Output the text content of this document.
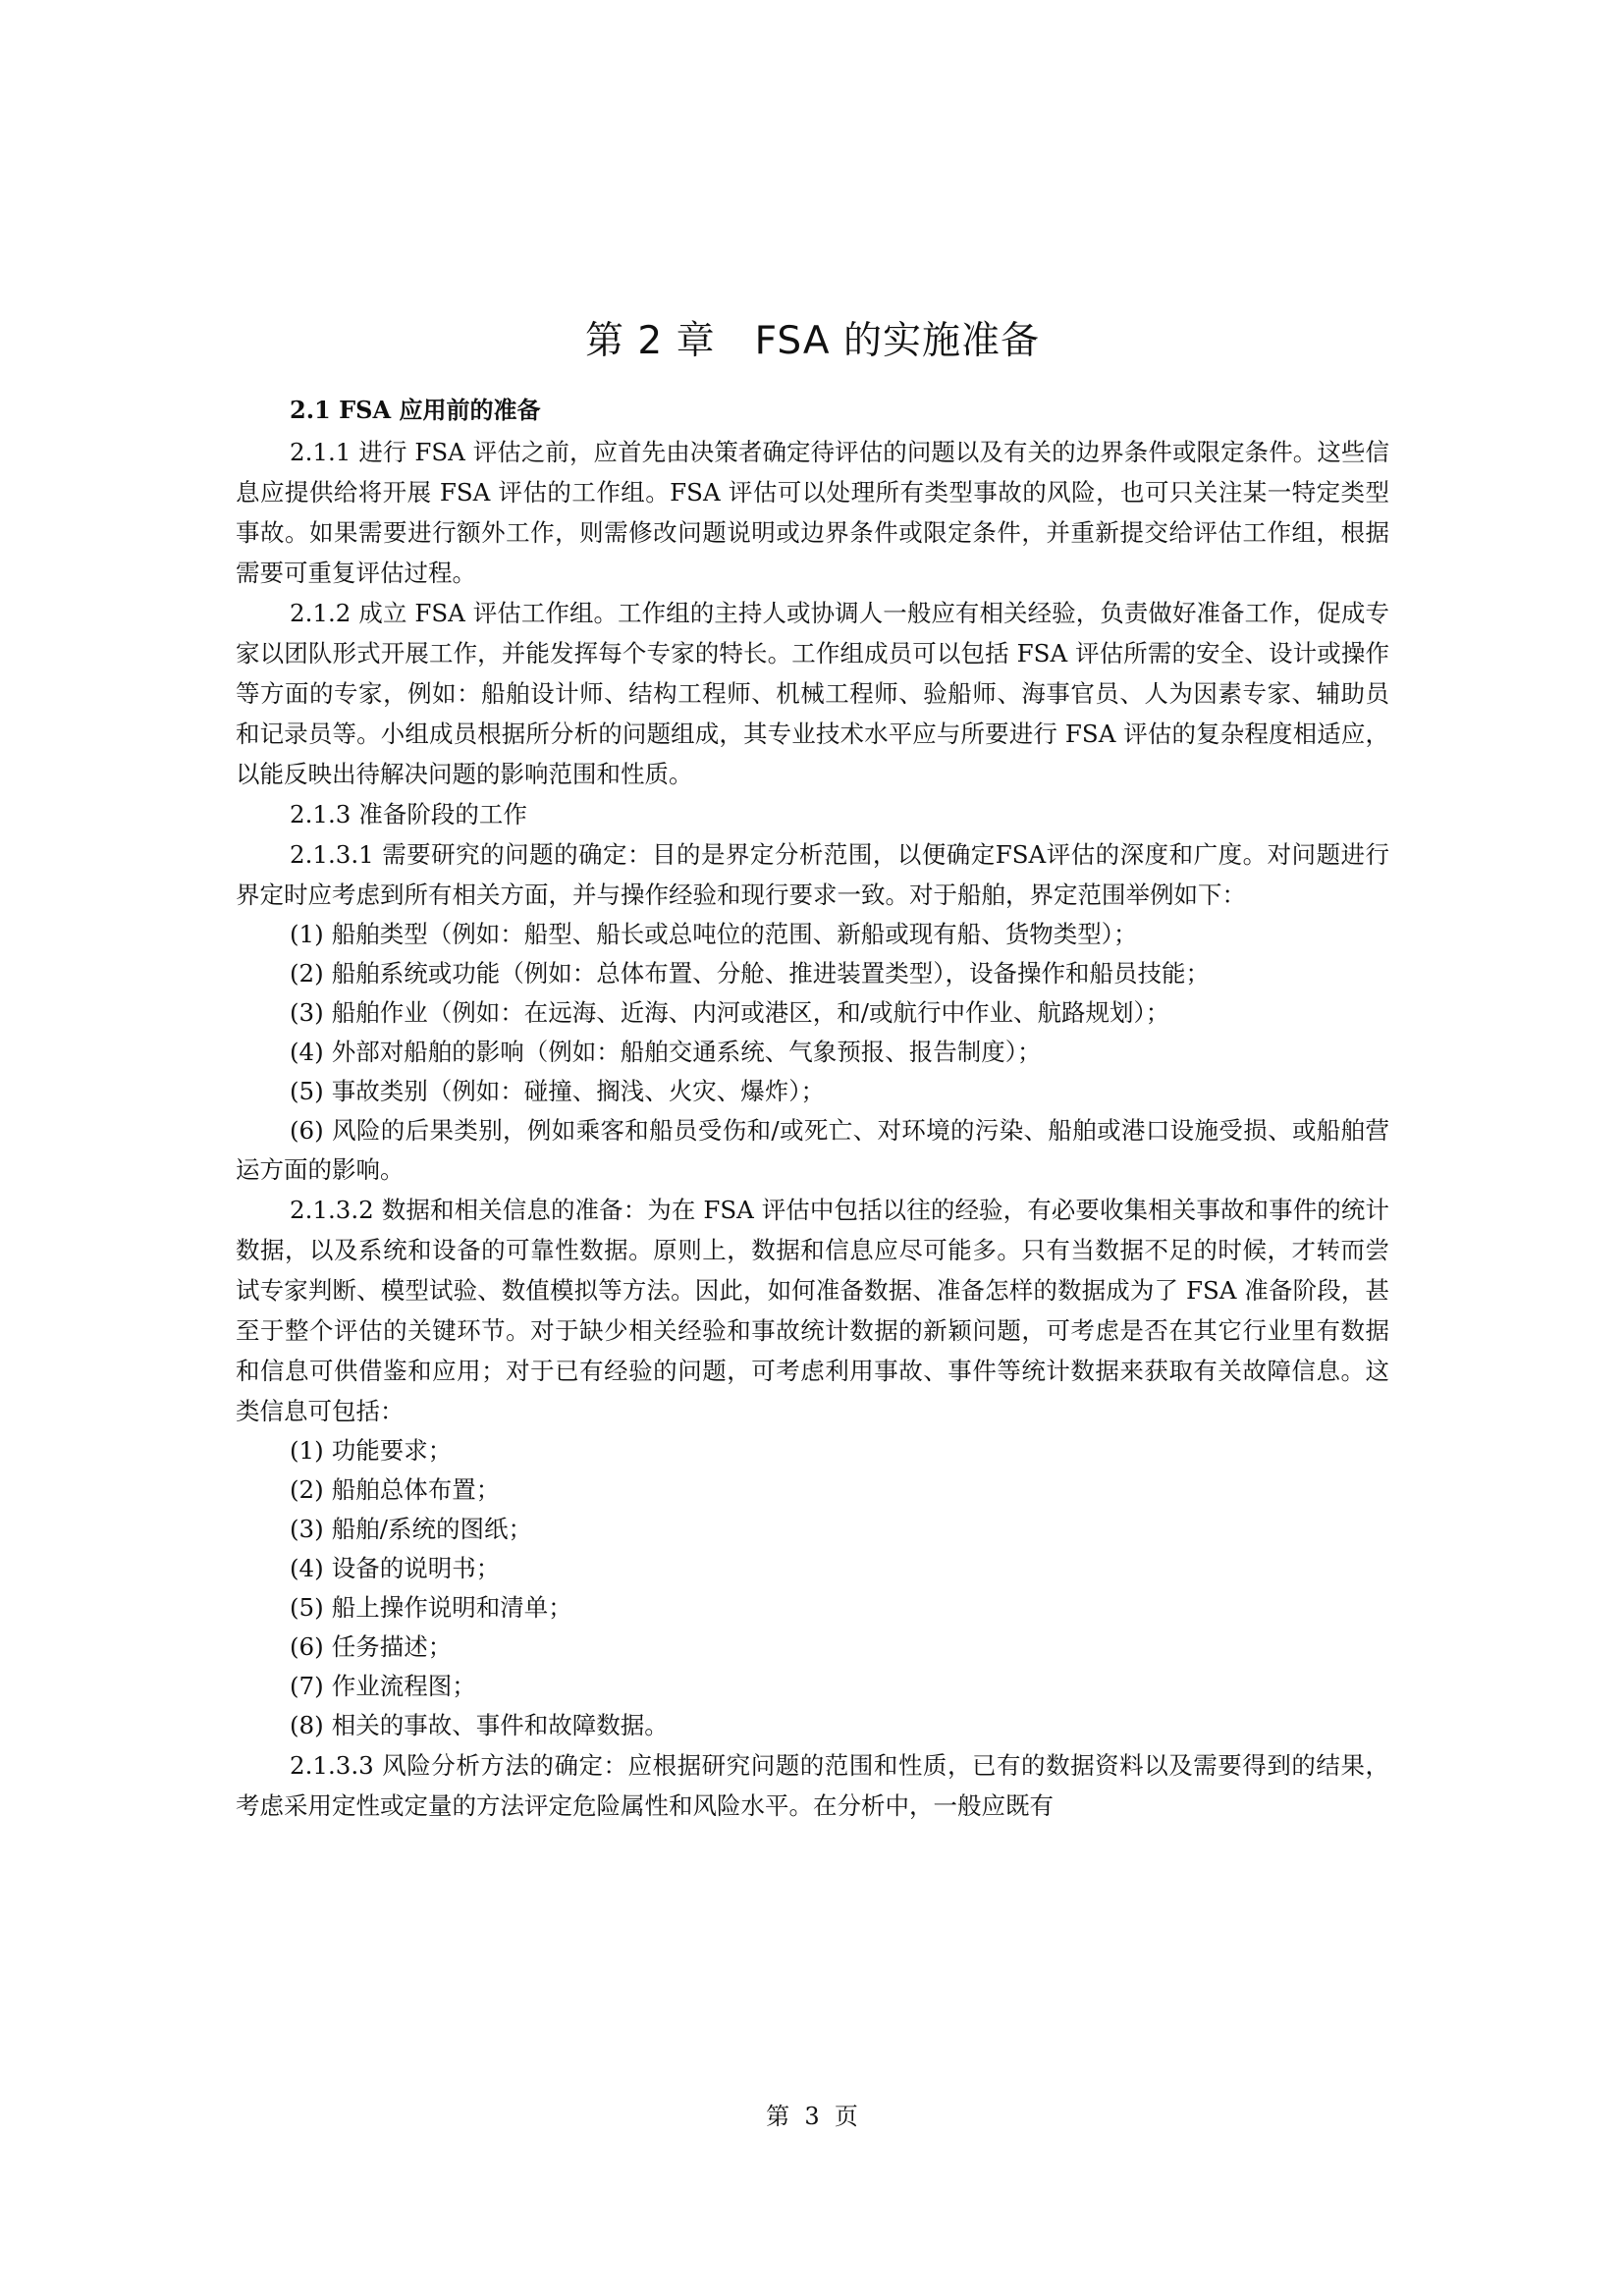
第 2 章　FSA 的实施准备
2.1 FSA 应用前的准备

2.1.1 进行 FSA 评估之前，应首先由决策者确定待评估的问题以及有关的边界条件或限定条件。这些信息应提供给将开展 FSA 评估的工作组。FSA 评估可以处理所有类型事故的风险，也可只关注某一特定类型事故。如果需要进行额外工作，则需修改问题说明或边界条件或限定条件，并重新提交给评估工作组，根据需要可重复评估过程。

2.1.2 成立 FSA 评估工作组。工作组的主持人或协调人一般应有相关经验，负责做好准备工作，促成专家以团队形式开展工作，并能发挥每个专家的特长。工作组成员可以包括 FSA 评估所需的安全、设计或操作等方面的专家，例如：船舶设计师、结构工程师、机械工程师、验船师、海事官员、人为因素专家、辅助员和记录员等。小组成员根据所分析的问题组成，其专业技术水平应与所要进行 FSA 评估的复杂程度相适应，以能反映出待解决问题的影响范围和性质。

2.1.3 准备阶段的工作

2.1.3.1 需要研究的问题的确定：目的是界定分析范围，以便确定FSA评估的深度和广度。对问题进行界定时应考虑到所有相关方面，并与操作经验和现行要求一致。对于船舶，界定范围举例如下：

(1) 船舶类型（例如：船型、船长或总吨位的范围、新船或现有船、货物类型）；

(2) 船舶系统或功能（例如：总体布置、分舱、推进装置类型），设备操作和船员技能；

(3) 船舶作业（例如：在远海、近海、内河或港区，和/或航行中作业、航路规划）；

(4) 外部对船舶的影响（例如：船舶交通系统、气象预报、报告制度）；

(5) 事故类别（例如：碰撞、搁浅、火灾、爆炸）；

(6) 风险的后果类别，例如乘客和船员受伤和/或死亡、对环境的污染、船舶或港口设施受损、或船舶营运方面的影响。

2.1.3.2 数据和相关信息的准备：为在 FSA 评估中包括以往的经验，有必要收集相关事故和事件的统计数据，以及系统和设备的可靠性数据。原则上，数据和信息应尽可能多。只有当数据不足的时候，才转而尝试专家判断、模型试验、数值模拟等方法。因此，如何准备数据、准备怎样的数据成为了 FSA 准备阶段，甚至于整个评估的关键环节。对于缺少相关经验和事故统计数据的新颖问题，可考虑是否在其它行业里有数据和信息可供借鉴和应用；对于已有经验的问题，可考虑利用事故、事件等统计数据来获取有关故障信息。这类信息可包括：

(1) 功能要求；

(2) 船舶总体布置；

(3) 船舶/系统的图纸；

(4) 设备的说明书；

(5) 船上操作说明和清单；

(6) 任务描述；

(7) 作业流程图；

(8) 相关的事故、事件和故障数据。

2.1.3.3 风险分析方法的确定：应根据研究问题的范围和性质，已有的数据资料以及需要得到的结果，考虑采用定性或定量的方法评定危险属性和风险水平。在分析中，一般应既有

第  3  页
